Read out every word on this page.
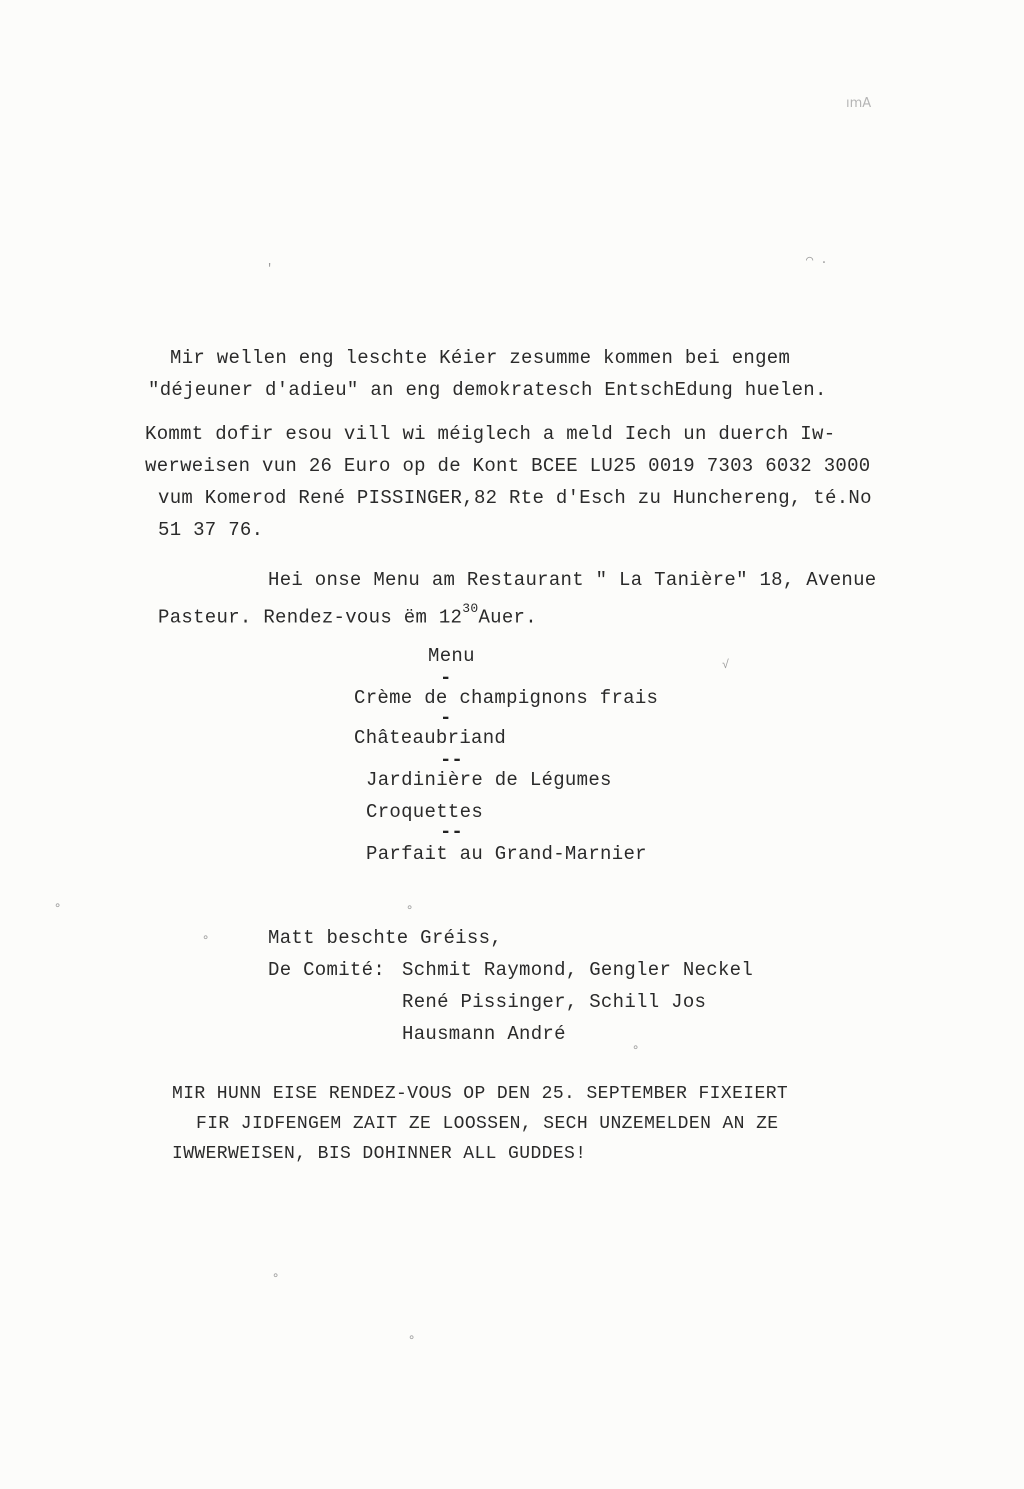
ımA
⌒ .
'
∘
∘
∘
∘
∘
∘
√
Mir wellen eng leschte Kéier zesumme kommen bei engem
"déjeuner d'adieu" an eng demokratesch EntschEdung huelen.
Kommt dofir esou vill wi méiglech a meld Iech un duerch Iw-
werweisen vun 26 Euro op de Kont BCEE LU25 0019 7303 6032 3000
vum Komerod René PISSINGER,82 Rte d'Esch zu Hunchereng, té.No
51 37 76.
Hei onse Menu am Restaurant " La Tanière" 18, Avenue
Pasteur. Rendez-vous ëm $12^{30}Auer$.
Menu
-
Crème de champignons frais
-
Châteaubriand
--
Jardinière de Légumes
Croquettes
--
Parfait au Grand-Marnier
Matt beschte Gréiss,
De Comité: Schmit Raymond, Gengler Neckel
René Pissinger, Schill Jos
Hausmann André
MIR HUNN EISE RENDEZ-VOUS OP DEN 25. SEPTEMBER FIXEIERT
FIR JIDFENGEM ZAIT ZE LOOSSEN, SECH UNZEMELDEN AN ZE
IWWERWEISEN, BIS DOHINNER ALL GUDDES!
